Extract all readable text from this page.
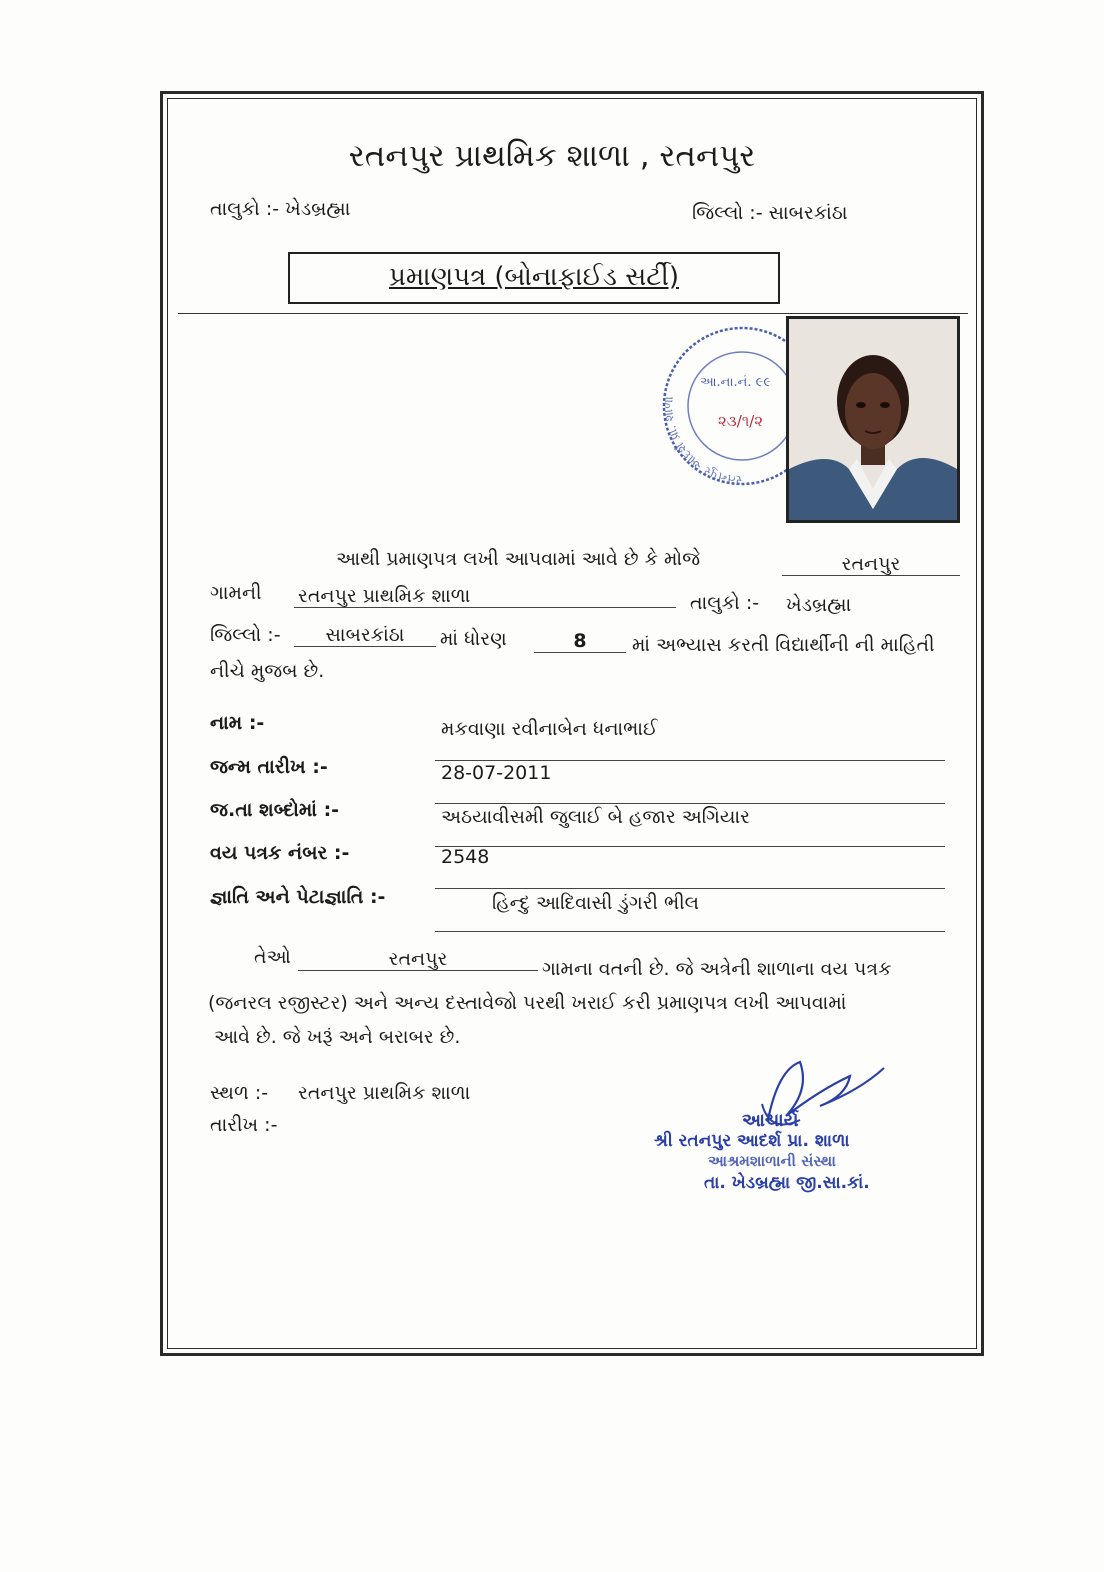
રતનપુર પ્રાથમિક શાળા , રતનપુર
તાલુકો :- ખેડબ્રહ્મા	જિલ્લો :- સાબરકાંઠા
પ્રમાણપત્ર (બોનાફાઈડ સર્ટી)
રતનપુર આદર્શ પ્રા. શાળા
આ.ના.નં. ૯૯
૨૩/૧/૨
આથી પ્રમાણપત્ર લખી આપવામાં આવે છે કે મોજે	રતનપુર
ગામની રતનપુર પ્રાથમિક શાળા	તાલુકો :- ખેડબ્રહ્મા
જિલ્લો :-	સાબરકાંઠા	માં ધોરણ	8	માં અભ્યાસ કરતી વિદ્યાર્થીની ની માહિતી
નીચે મુજબ છે.
નામ :-	મકવાણા રવીનાબેન ધનાભાઈ
જન્મ તારીખ :-	28-07-2011
જ.તા શબ્દોમાં :-	અઠયાવીસમી જુલાઈ બે હજાર અગિયાર
વય પત્રક નંબર :-	2548
જ્ઞાતિ અને પેટાજ્ઞાતિ :-	હિન્દુ આદિવાસી ડુંગરી ભીલ
તેઓ	રતનપુર	ગામના વતની છે. જે અત્રેની શાળાના વય પત્રક
(જનરલ રજીસ્ટર) અને અન્ય દસ્તાવેજો પરથી ખરાઈ કરી પ્રમાણપત્ર લખી આપવામાં
આવે છે. જે ખરૂં અને બરાબર છે.
સ્થળ :- રતનપુર પ્રાથમિક શાળા
તારીખ :-	આચાર્ય
શ્રી રતનપુર આદર્શ પ્રા. શાળા
આશ્રમશાળાની સંસ્થા
તા. ખેડબ્રહ્મા જી.સા.કાં.
